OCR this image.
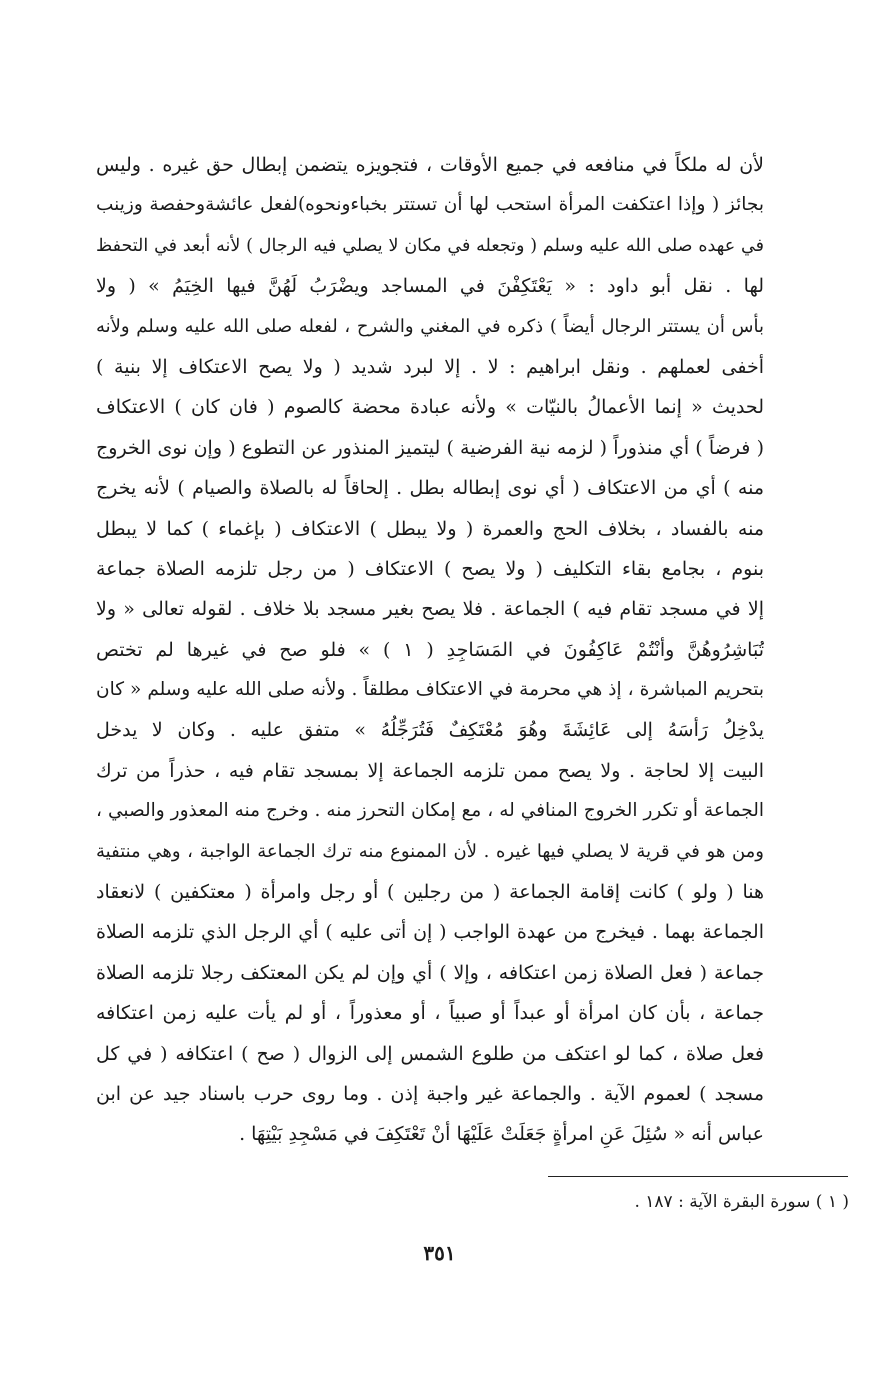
لأن له ملكاً في منافعه في جميع الأوقات ، فتجويزه يتضمن إبطال حق غيره . وليس
بجائز ( وإذا اعتكفت المرأة استحب لها أن تستتر بخباءونحوه)لفعل عائشةوحفصة وزينب
في عهده صلى الله عليه وسلم ( وتجعله في مكان لا يصلي فيه الرجال ) لأنه أبعد في التحفظ
لها . نقل أبو داود : « يَعْتَكِفْنَ في المساجد ويضْرَبُ لَهُنَّ فيها الخِيَمُ » ( ولا
بأس أن يستتر الرجال أيضاً ) ذكره في المغني والشرح ، لفعله صلى الله عليه وسلم ولأنه
أخفى لعملهم . ونقل ابراهيم : لا . إلا لبرد شديد ( ولا يصح الاعتكاف إلا بنية )
لحديث « إنما الأعمالُ بالنيّات » ولأنه عبادة محضة كالصوم ( فان كان ) الاعتكاف
( فرضاً ) أي منذوراً ( لزمه نية الفرضية ) ليتميز المنذور عن التطوع ( وإن نوى الخروج
منه ) أي من الاعتكاف ( أي نوى إبطاله بطل . إلحاقاً له بالصلاة والصيام ) لأنه يخرج
منه بالفساد ، بخلاف الحج والعمرة ( ولا يبطل ) الاعتكاف ( بإغماء ) كما لا يبطل
بنوم ، بجامع بقاء التكليف ( ولا يصح ) الاعتكاف ( من رجل تلزمه الصلاة جماعة
إلا في مسجد تقام فيه ) الجماعة . فلا يصح بغير مسجد بلا خلاف . لقوله تعالى « ولا
تُبَاشِرُوهُنَّ وأنْتُمْ عَاكِفُونَ في المَسَاجِدِ ( ١ ) » فلو صح في غيرها لم تختص
بتحريم المباشرة ، إذ هي محرمة في الاعتكاف مطلقاً . ولأنه صلى الله عليه وسلم « كان
يدْخِلُ رَأسَهُ إلى عَائِشَةَ وهُوَ مُعْتَكِفٌ فَتُرَجِّلُهُ » متفق عليه . وكان لا يدخل
البيت إلا لحاجة . ولا يصح ممن تلزمه الجماعة إلا بمسجد تقام فيه ، حذراً من ترك
الجماعة أو تكرر الخروج المنافي له ، مع إمكان التحرز منه . وخرج منه المعذور والصبي ،
ومن هو في قرية لا يصلي فيها غيره . لأن الممنوع منه ترك الجماعة الواجبة ، وهي منتفية
هنا ( ولو ) كانت إقامة الجماعة ( من رجلين ) أو رجل وامرأة ( معتكفين ) لانعقاد
الجماعة بهما . فيخرج من عهدة الواجب ( إن أتى عليه ) أي الرجل الذي تلزمه الصلاة
جماعة ( فعل الصلاة زمن اعتكافه ، وإلا ) أي وإن لم يكن المعتكف رجلا تلزمه الصلاة
جماعة ، بأن كان امرأة أو عبداً أو صبياً ، أو معذوراً ، أو لم يأت عليه زمن اعتكافه
فعل صلاة ، كما لو اعتكف من طلوع الشمس إلى الزوال ( صح ) اعتكافه ( في كل
مسجد ) لعموم الآية . والجماعة غير واجبة إذن . وما روى حرب باسناد جيد عن ابن
عباس أنه « سُئِلَ عَنِ امرأةٍ جَعَلَتْ عَلَيْهَا أنْ تَعْتَكِفَ في مَسْجِدِ بَيْتِهَا .
( ١ ) سورة البقرة الآية : ١٨٧ .
٣٥١
